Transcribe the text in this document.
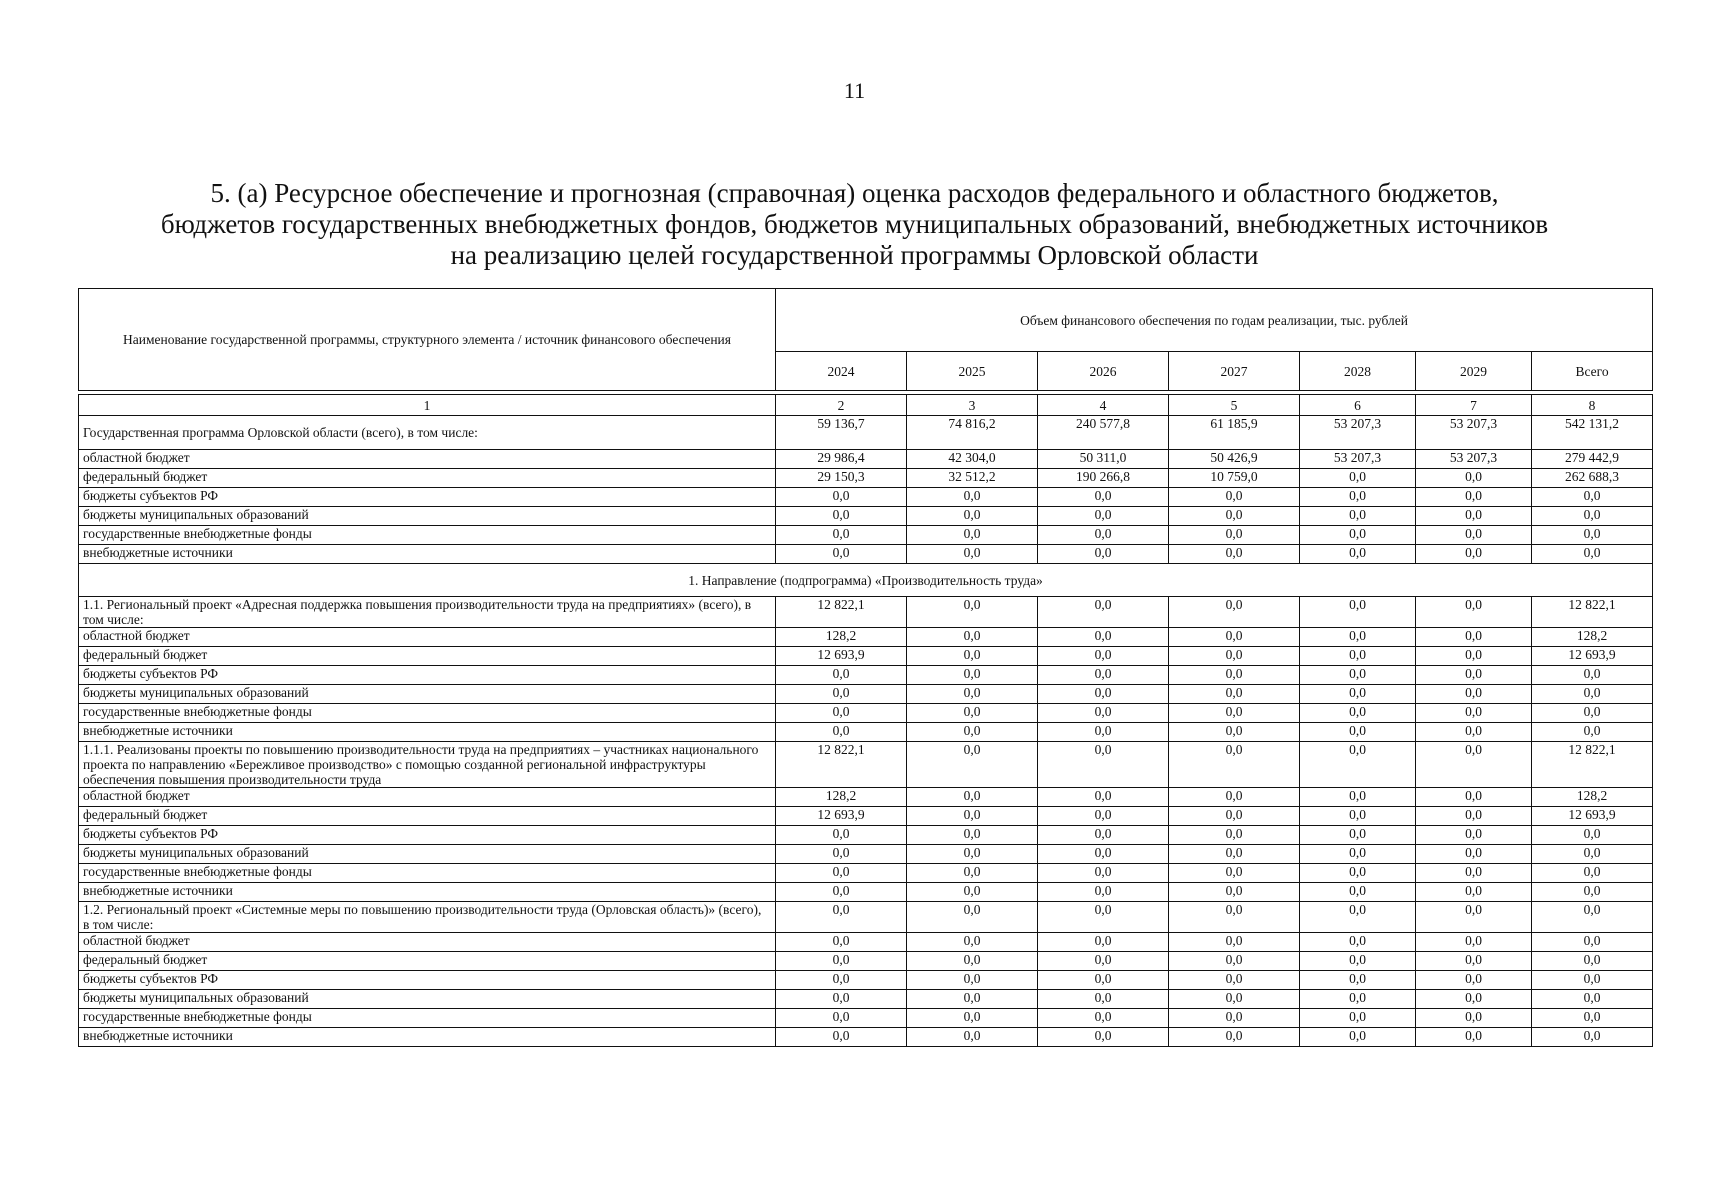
11
5. (а) Ресурсное обеспечение и прогнозная (справочная) оценка расходов федерального и областного бюджетов,
бюджетов государственных внебюджетных фондов, бюджетов муниципальных образований, внебюджетных источников
на реализацию целей государственной программы Орловской области
Наименование государственной программы, структурного элемента / источник финансового обеспечения	Объем финансового обеспечения по годам реализации, тыс. рублей						
	2024	2025	2026	2027	2028	2029	Всего

1	2	3	4	5	6	7	8
Государственная программа Орловской области (всего), в том числе:	59 136,7	74 816,2	240 577,8	61 185,9	53 207,3	53 207,3	542 131,2
областной бюджет	29 986,4	42 304,0	50 311,0	50 426,9	53 207,3	53 207,3	279 442,9
федеральный бюджет	29 150,3	32 512,2	190 266,8	10 759,0	0,0	0,0	262 688,3
бюджеты субъектов РФ	0,0	0,0	0,0	0,0	0,0	0,0	0,0
бюджеты муниципальных образований	0,0	0,0	0,0	0,0	0,0	0,0	0,0
государственные внебюджетные фонды	0,0	0,0	0,0	0,0	0,0	0,0	0,0
внебюджетные источники	0,0	0,0	0,0	0,0	0,0	0,0	0,0
1. Направление (подпрограмма) «Производительность труда»							
1.1. Региональный проект «Адресная поддержка повышения производительности труда на предприятиях» (всего), в том числе:	12 822,1	0,0	0,0	0,0	0,0	0,0	12 822,1
областной бюджет	128,2	0,0	0,0	0,0	0,0	0,0	128,2
федеральный бюджет	12 693,9	0,0	0,0	0,0	0,0	0,0	12 693,9
бюджеты субъектов РФ	0,0	0,0	0,0	0,0	0,0	0,0	0,0
бюджеты муниципальных образований	0,0	0,0	0,0	0,0	0,0	0,0	0,0
государственные внебюджетные фонды	0,0	0,0	0,0	0,0	0,0	0,0	0,0
внебюджетные источники	0,0	0,0	0,0	0,0	0,0	0,0	0,0
1.1.1. Реализованы проекты по повышению производительности труда на предприятиях – участниках национального проекта по направлению «Бережливое производство» с помощью созданной региональной инфраструктуры обеспечения повышения производительности труда	12 822,1	0,0	0,0	0,0	0,0	0,0	12 822,1
областной бюджет	128,2	0,0	0,0	0,0	0,0	0,0	128,2
федеральный бюджет	12 693,9	0,0	0,0	0,0	0,0	0,0	12 693,9
бюджеты субъектов РФ	0,0	0,0	0,0	0,0	0,0	0,0	0,0
бюджеты муниципальных образований	0,0	0,0	0,0	0,0	0,0	0,0	0,0
государственные внебюджетные фонды	0,0	0,0	0,0	0,0	0,0	0,0	0,0
внебюджетные источники	0,0	0,0	0,0	0,0	0,0	0,0	0,0
1.2. Региональный проект «Системные меры по повышению производительности труда (Орловская область)» (всего), в том числе:	0,0	0,0	0,0	0,0	0,0	0,0	0,0
областной бюджет	0,0	0,0	0,0	0,0	0,0	0,0	0,0
федеральный бюджет	0,0	0,0	0,0	0,0	0,0	0,0	0,0
бюджеты субъектов РФ	0,0	0,0	0,0	0,0	0,0	0,0	0,0
бюджеты муниципальных образований	0,0	0,0	0,0	0,0	0,0	0,0	0,0
государственные внебюджетные фонды	0,0	0,0	0,0	0,0	0,0	0,0	0,0
внебюджетные источники	0,0	0,0	0,0	0,0	0,0	0,0	0,0
